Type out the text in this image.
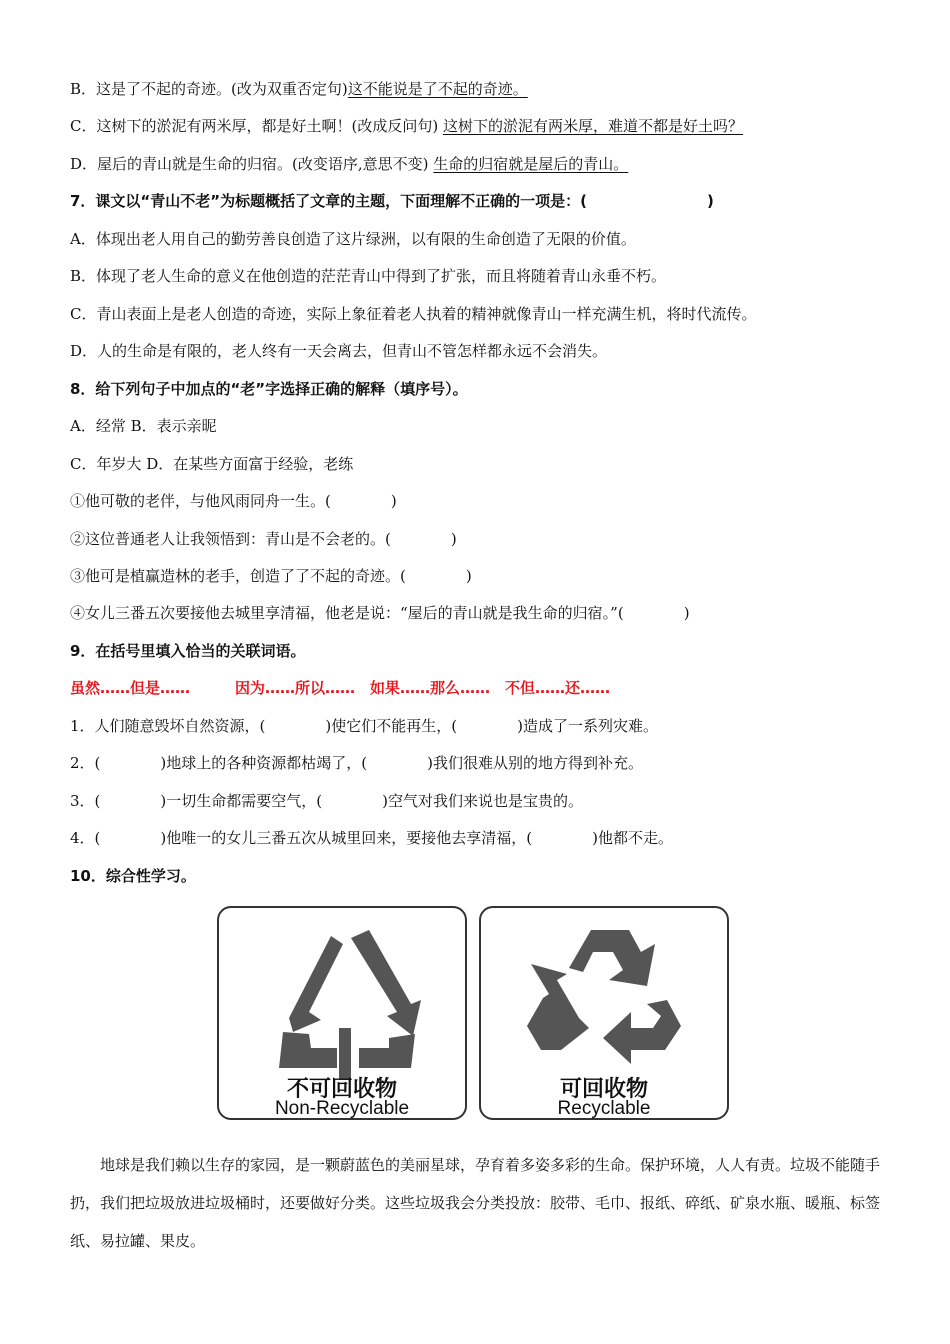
B．这是了不起的奇迹。(改为双重否定句)这不能说是了不起的奇迹。
C．这树下的淤泥有两米厚，都是好土啊！(改成反问句) 这树下的淤泥有两米厚，难道不都是好土吗？
D．屋后的青山就是生命的归宿。(改变语序,意思不变) 生命的归宿就是屋后的青山。
7．课文以“青山不老”为标题概括了文章的主题，下面理解不正确的一项是：(　　　　　　　　)
A．体现出老人用自己的勤劳善良创造了这片绿洲，以有限的生命创造了无限的价值。
B．体现了老人生命的意义在他创造的茫茫青山中得到了扩张，而且将随着青山永垂不朽。
C．青山表面上是老人创造的奇迹，实际上象征着老人执着的精神就像青山一样充满生机，将时代流传。
D．人的生命是有限的，老人终有一天会离去，但青山不管怎样都永远不会消失。
8．给下列句子中加点的“老”字选择正确的解释（填序号）。
A．经常 B．表示亲昵
C．年岁大 D．在某些方面富于经验，老练
①他可敬的老伴，与他风雨同舟一生。(　　　　)
②这位普通老人让我领悟到：青山是不会老的。(　　　　)
③他可是植赢造林的老手，创造了了不起的奇迹。(　　　　)
④女儿三番五次要接他去城里享清福，他老是说：“屋后的青山就是我生命的归宿。”(　　　　)
9．在括号里填入恰当的关联词语。
虽然……但是……　　　因为……所以……　如果……那么……　不但……还……
1．人们随意毁坏自然资源，(　　　　)使它们不能再生，(　　　　)造成了一系列灾难。
2．(　　　　)地球上的各种资源都枯竭了，(　　　　)我们很难从别的地方得到补充。
3．(　　　　)一切生命都需要空气，(　　　　)空气对我们来说也是宝贵的。
4．(　　　　)他唯一的女儿三番五次从城里回来，要接他去享清福，(　　　　)他都不走。
10．综合性学习。
不可回收物
Non-Recyclable
可回收物
Recyclable
地球是我们赖以生存的家园，是一颗蔚蓝色的美丽星球，孕育着多姿多彩的生命。保护环境，人人有责。垃圾不能随手扔，我们把垃圾放进垃圾桶时，还要做好分类。这些垃圾我会分类投放：胶带、毛巾、报纸、碎纸、矿泉水瓶、暖瓶、标签纸、易拉罐、果皮。
